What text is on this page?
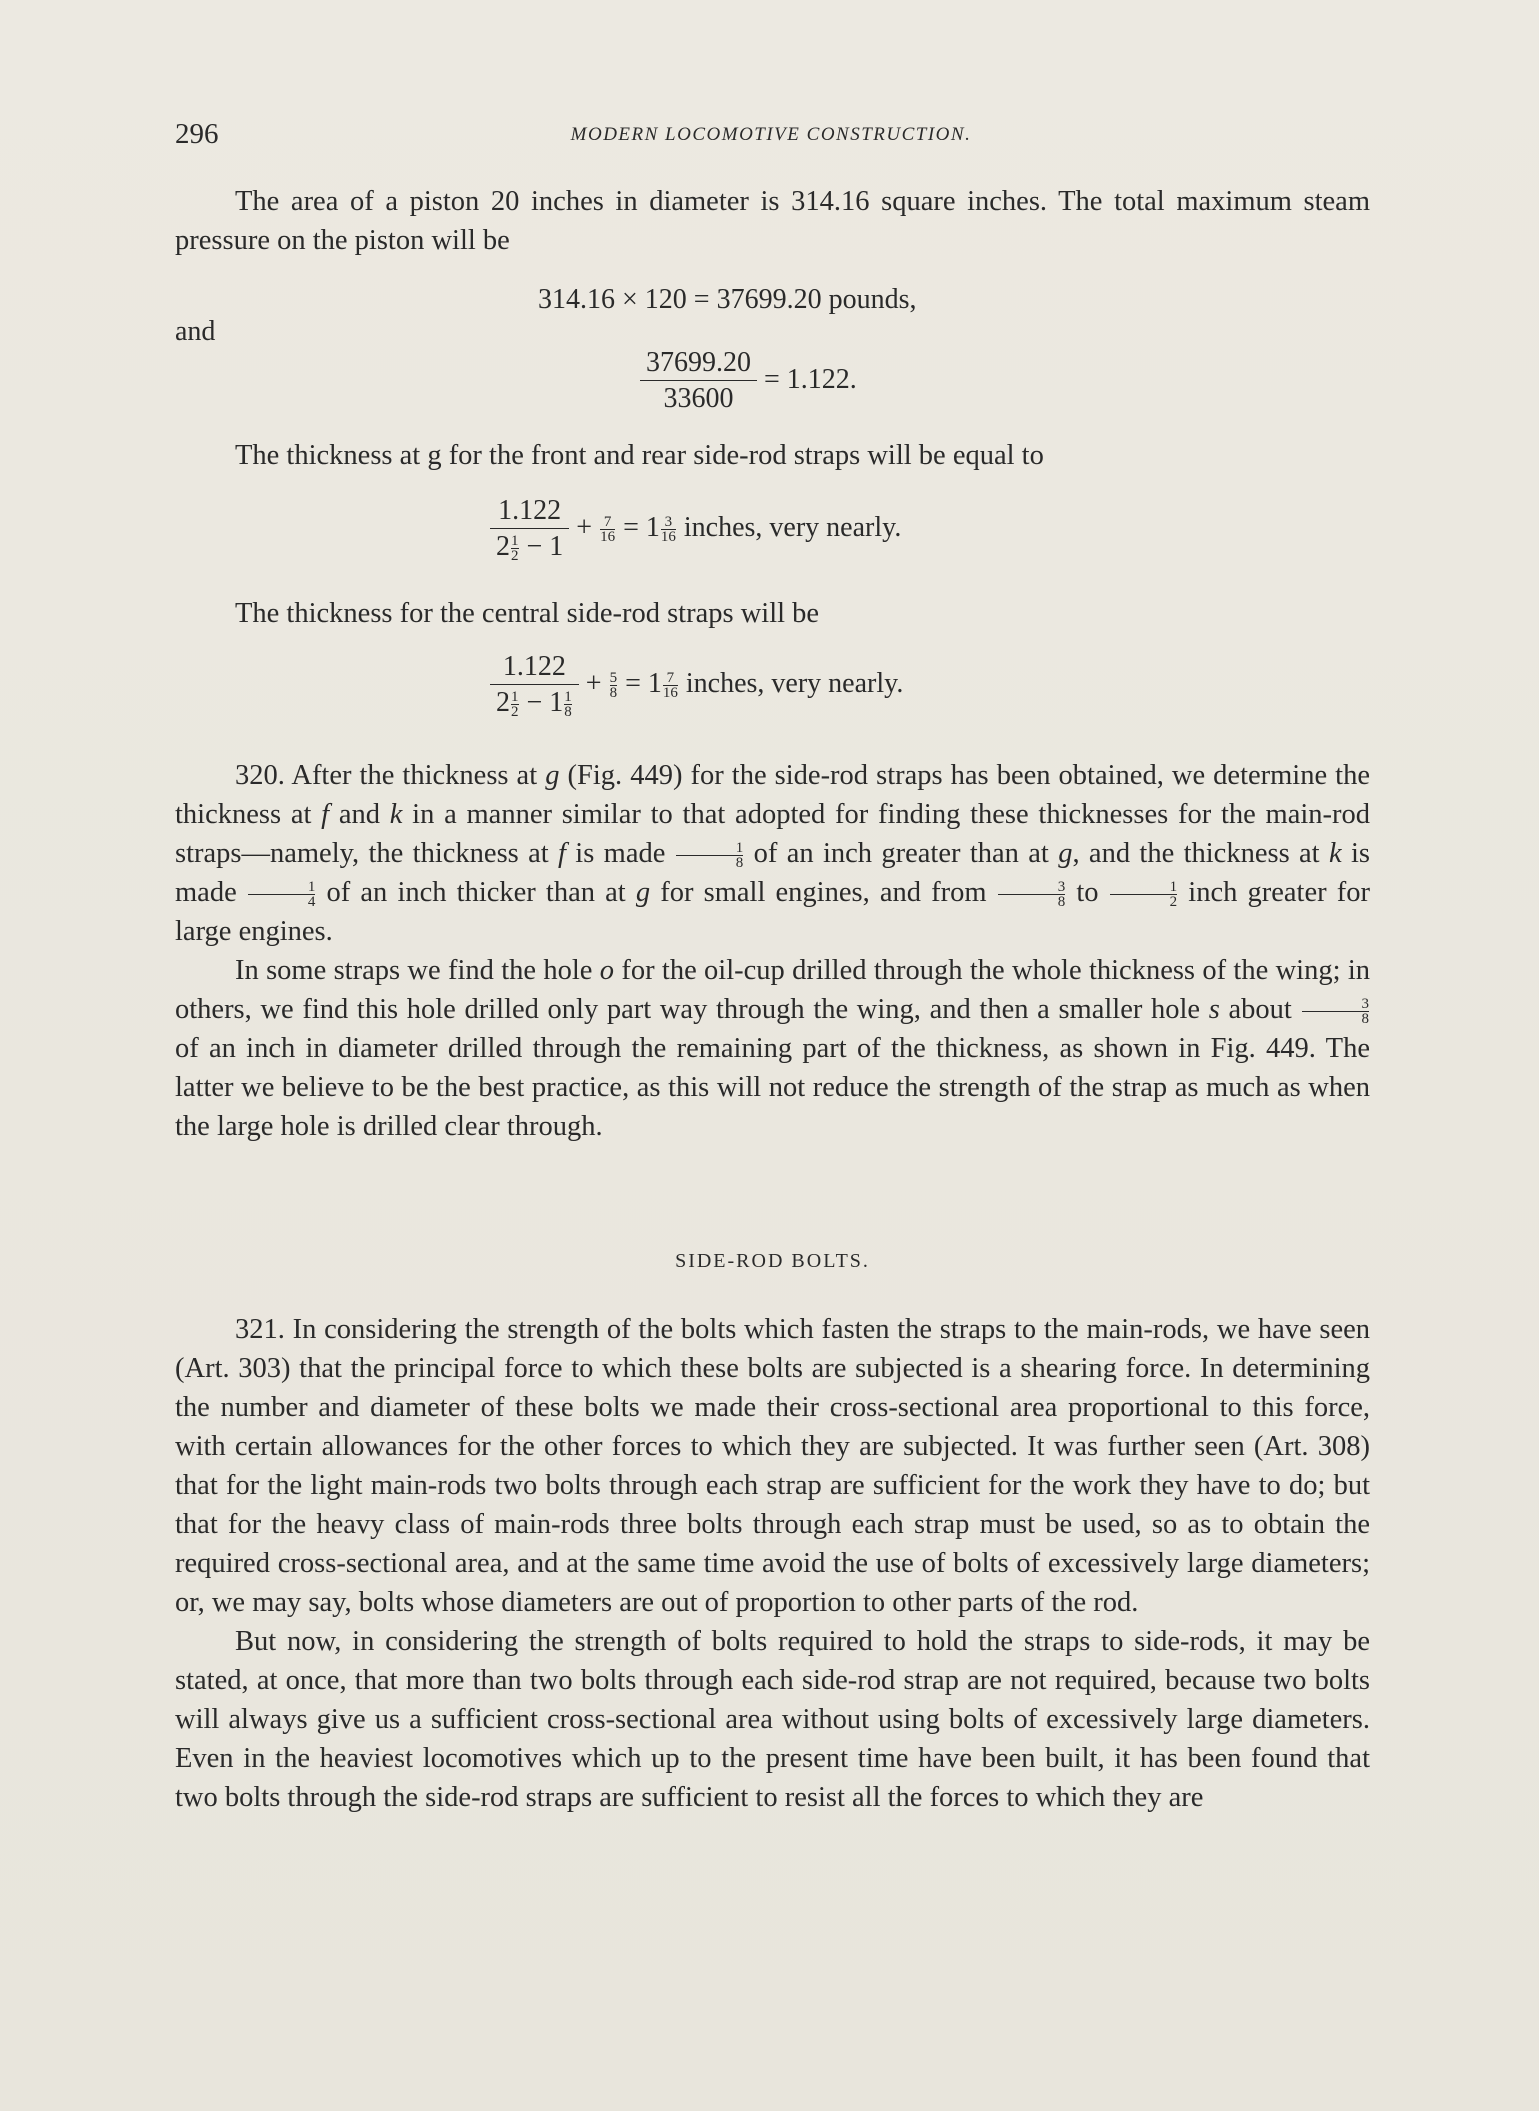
296	MODERN LOCOMOTIVE CONSTRUCTION.

The area of a piston 20 inches in diameter is 314.16 square inches. The total maximum steam pressure on the piston will be

314.16 × 120 = 37699.20 pounds,
and
$\frac{37699.20}{33600} = 1.122$.

The thickness at g for the front and rear side-rod straps will be equal to

$\frac{1.122}{2 \frac{1}{2} - 1} + \frac{7}{16} = 1 \frac{3}{16}$ inches, very nearly.

The thickness for the central side-rod straps will be

$\frac{1.122}{2 \frac{1}{2} - 1 \frac{1}{8}} + \frac{5}{8} = 1 \frac{7}{16}$ inches, very nearly.

320. After the thickness at g (Fig. 449) for the side-rod straps has been obtained, we determine the thickness at f and k in a manner similar to that adopted for finding these thicknesses for the main-rod straps—namely, the thickness at f is made $\frac{1}{8}$ of an inch greater than at g, and the thickness at k is made $\frac{1}{4}$ of an inch thicker than at g for small engines, and from $\frac{3}{8}$ to $\frac{1}{2}$ inch greater for large engines.

In some straps we find the hole o for the oil-cup drilled through the whole thickness of the wing; in others, we find this hole drilled only part way through the wing, and then a smaller hole s about $\frac{3}{8}$
of an inch in diameter drilled through the remaining part of the thickness, as shown in Fig. 449. The latter we believe to be the best practice, as this will not reduce the strength of the strap as much as when the large hole is drilled clear through.

SIDE-ROD BOLTS.

321. In considering the strength of the bolts which fasten the straps to the main-rods, we have seen (Art. 303) that the principal force to which these bolts are subjected is a shearing force. In determining the number and diameter of these bolts we made their cross-sectional area proportional to this force, with certain allowances for the other forces to which they are subjected. It was further seen (Art. 308) that for the light main-rods two bolts through each strap are sufficient for the work they have to do; but that for the heavy class of main-rods three bolts through each strap must be used, so as to obtain the required cross-sectional area, and at the same time avoid the use of bolts of excessively large diameters; or, we may say, bolts whose diameters are out of proportion to other parts of the rod.

But now, in considering the strength of bolts required to hold the straps to side-rods, it may be stated, at once, that more than two bolts through each side-rod strap are not required, because two bolts will always give us a sufficient cross-sectional area without using bolts of excessively large diameters. Even in the heaviest locomotives which up to the present time have been built, it has been found that two bolts through the side-rod straps are sufficient to resist all the forces to which they are
